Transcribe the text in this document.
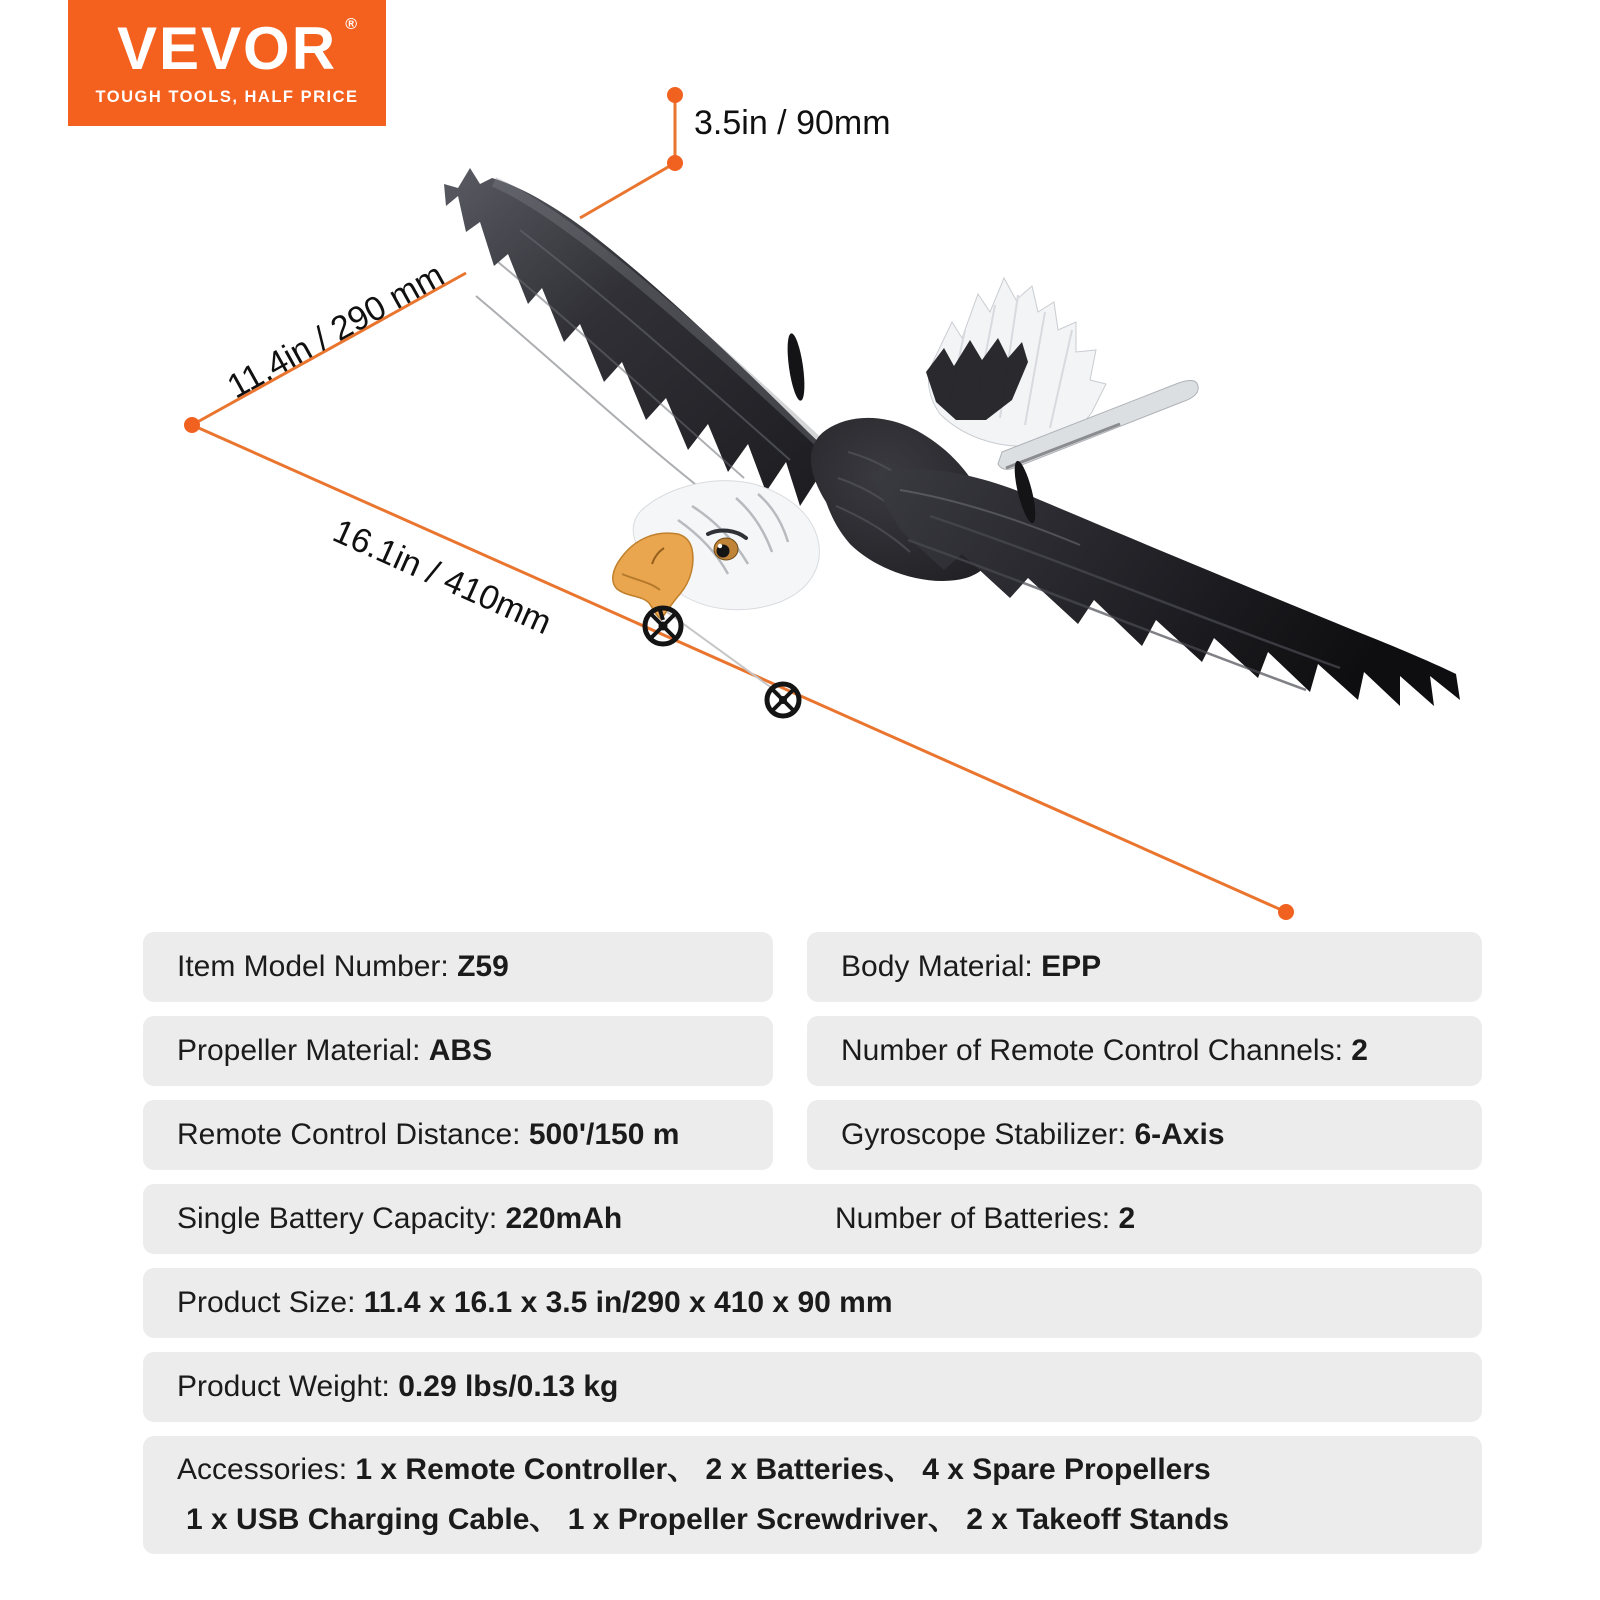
VEVOR ®
TOUGH TOOLS, HALF PRICE
3.5in / 90mm
11.4in / 290 mm
16.1in / 410mm
Item Model Number: Z59	Body Material: EPP
Propeller Material: ABS	Number of Remote Control Channels: 2
Remote Control Distance: 500'/150 m	Gyroscope Stabilizer: 6-Axis
Single Battery Capacity: 220mAh	Number of Batteries: 2
Product Size: 11.4 x 16.1 x 3.5 in/290 x 410 x 90 mm
Product Weight: 0.29 lbs/0.13 kg
Accessories: 1 x Remote Controller、 2 x Batteries、 4 x Spare Propellers
1 x USB Charging Cable、 1 x Propeller Screwdriver、 2 x Takeoff Stands
